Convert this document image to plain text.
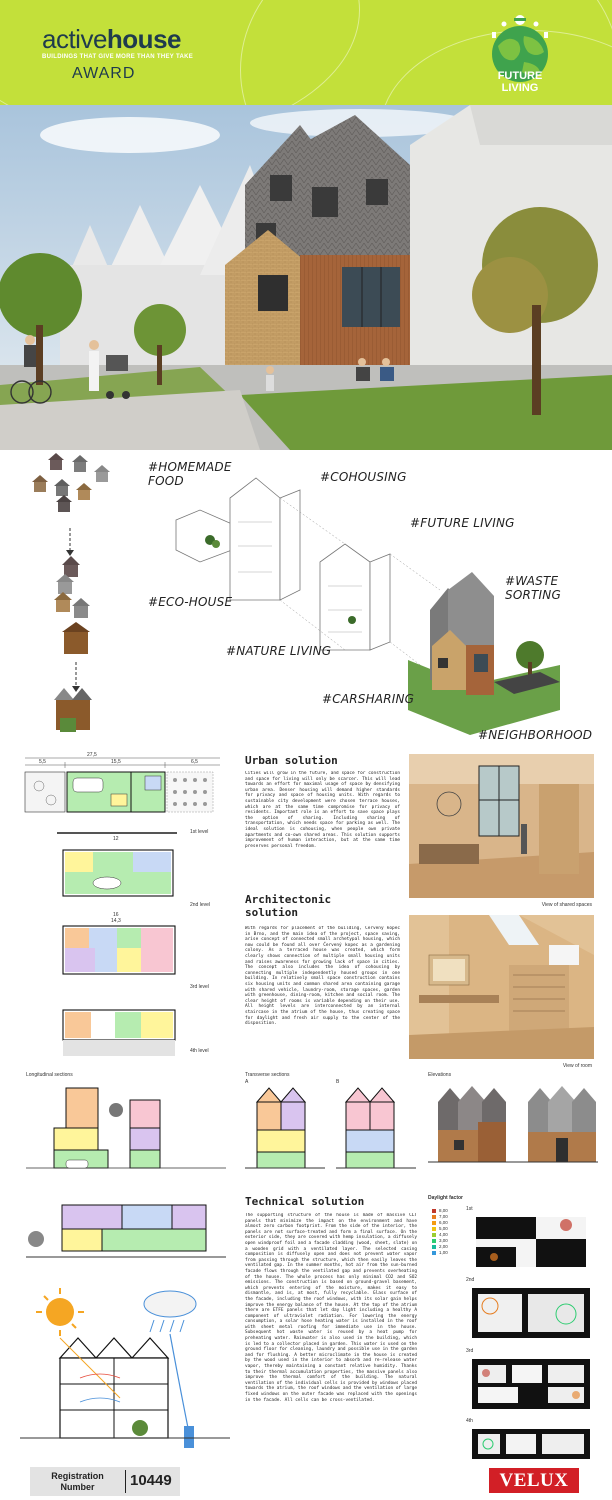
activehouse
BUILDINGS THAT GIVE MORE THAN THEY TAKE
AWARD	FUTURE
LIVING
#HOMEMADE
FOOD	#COHOUSING
#FUTURE LIVING
#WASTE
SORTING
#ECO-HOUSE
#NATURE LIVING
#CARSHARING
#NEIGHBORHOOD
27,5
5,5	15,5	6,5
12
16
14,3
1st level
2nd level
3rd level
4th level
Urban solution
Cities will grow in the future, and space for construction and space for living will only be scarcer. This will lead towards an effort for maximal usage of space by densifying urban area. Denser housing will demand higher standards for privacy and space of housing units. With regards to sustainable city development were chosen terrace houses, which are at the same time compromise for privacy of residents. Important role is an effort to save space plays the option of sharing. Including sharing of transportation, which needs space for parking as well. The ideal solution is cohousing, when people own private apartments and co-own shared areas. This solution supports improvement of human interaction, but at the same time preserves personal freedom.
Architectonic
solution
With regards for placement of the building, Červený kopec in Brno, and the main idea of the project, space saving, arise concept of connected small archetypal housing, which now could be found all over Červený kopec as a gardening colony. As a terraced house was created, which form clearly shows connection of multiple small housing units and raises awareness for growing lack of space in cities. The concept also includes the idea of cohousing by connecting multiple independently housed groups in one building. In relatively small space construction contains six housing units and common shared area containing garage with shared vehicle, laundry-room, storage spaces, garden with greenhouse, dining-room, kitchen and social room. The clear height of rooms is variable depending on their use. All height levels are interconnected by an internal staircase in the atrium of the house, thus creating space for daylight and fresh air supply to the center of the disposition.
View of shared spaces
View of room
Longitudinal sections	Transverse sections	Elevations
A	B
Technical solution
The supporting structure of the house is made of massive CLT panels that minimize the impact on the environment and have almost zero carbon footprint. From the side of the interior, the panels are not surface-treated and form a final surface. On the exterior side, they are covered with hemp insulation, a diffusely open windproof foil and a facade cladding (wood, sheet, slate) on a wooden grid with a ventilated layer. The selected casing composition is diffusely open and does not prevent water vapor from passing through the structure, which then easily leaves the ventilated gap. In the summer months, hot air from the sun-burned facade flows through the ventilated gap and prevents overheating of the house. The whole process has only minimal CO2 and SO2 emissions. The construction is based on ground-gravel basement, which prevents entering of the moisture, makes it easy to dismantle, and is, at most, fully recyclable. Glass surface of the facade, including the roof windows, with its solar gain helps improve the energy balance of the house. At the top of the atrium there are ETFE panels that let day light including a healthy A component of ultraviolet radiation. For lowering the energy consumption, a solar hose heating water is installed in the roof with sheet metal roofing for immediate use in the house. Subsequent hot waste water is reused by a heat pump for preheating water. Rainwater is also used in the building, which is led to a collector placed in garden. This water is used on the ground floor for cleaning, laundry and possible use in the garden and for flushing. A better microclimate in the house is created by the wood used in the interior to absorb and re-release water vapor, thereby maintaining a constant relative humidity. Thanks to their thermal accumulation properties, the massive panels also improve the thermal comfort of the building. The natural ventilation of the individual cells is provided by windows placed towards the atrium, the roof windows and the ventilation of large fixed windows on the outer facade was replaced with the openings in the facade. All cells can be cross-ventilated.
Daylight factor
1st
2nd
3rd
4th
Registration
Number	10449	VELUX
8,00
7,00
6,00
5,00
4,00
3,00
2,00
1,00
